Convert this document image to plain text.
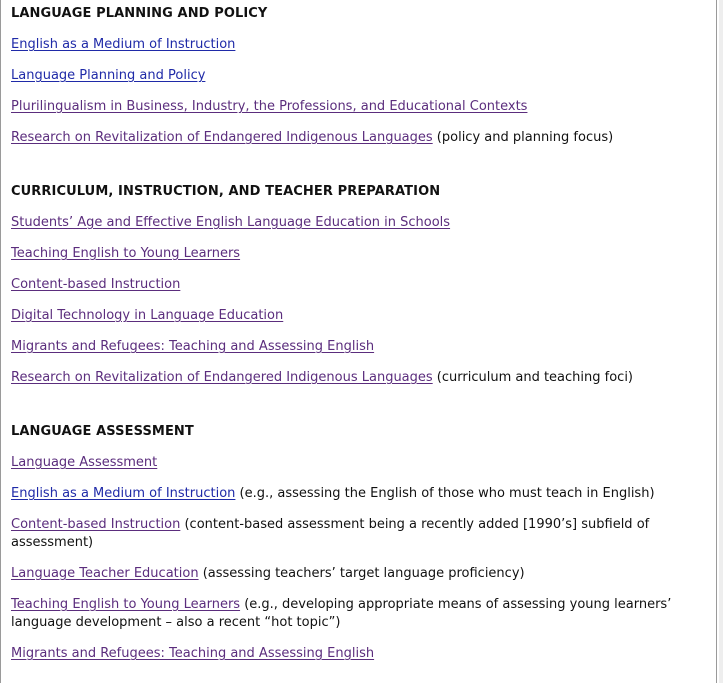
LANGUAGE PLANNING AND POLICY

English as a Medium of Instruction

Language Planning and Policy

Plurilingualism in Business, Industry, the Professions, and Educational Contexts

Research on Revitalization of Endangered Indigenous Languages (policy and planning focus)

CURRICULUM, INSTRUCTION, AND TEACHER PREPARATION

Students’ Age and Effective English Language Education in Schools

Teaching English to Young Learners

Content-based Instruction

Digital Technology in Language Education

Migrants and Refugees: Teaching and Assessing English

Research on Revitalization of Endangered Indigenous Languages (curriculum and teaching foci)

LANGUAGE ASSESSMENT

Language Assessment

English as a Medium of Instruction (e.g., assessing the English of those who must teach in English)

Content-based Instruction (content-based assessment being a recently added [1990’s] subfield of assessment)

Language Teacher Education (assessing teachers’ target language proficiency)

Teaching English to Young Learners (e.g., developing appropriate means of assessing young learners’ language development – also a recent “hot topic”)

Migrants and Refugees: Teaching and Assessing English
